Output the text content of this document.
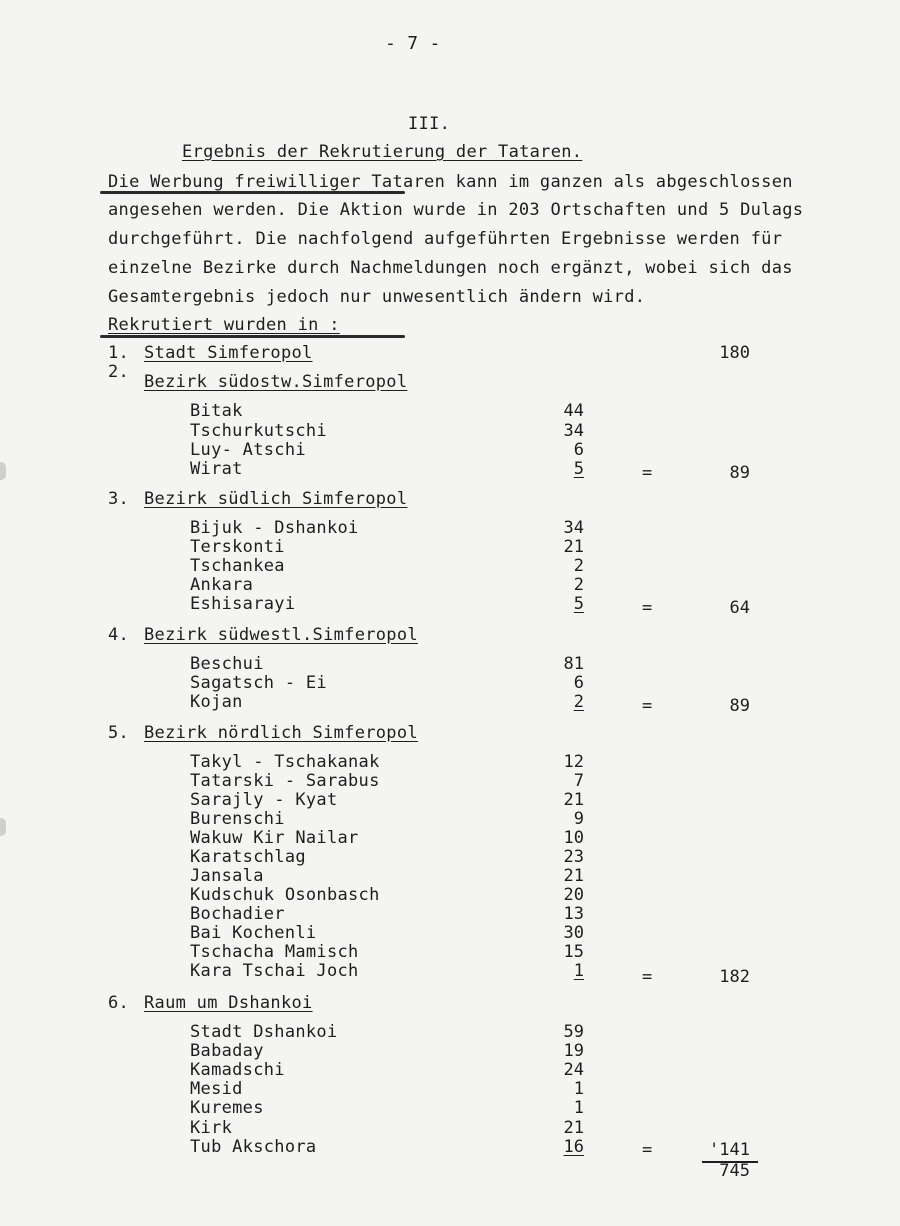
- 7 -
III.
Ergebnis der Rekrutierung der Tataren.
Die Werbung freiwilliger Tataren kann im ganzen als abgeschlossen
angesehen werden. Die Aktion wurde in 203 Ortschaften und 5 Dulags
durchgeführt. Die nachfolgend aufgeführten Ergebnisse werden für
einzelne Bezirke durch Nachmeldungen noch ergänzt, wobei sich das
Gesamtergebnis jedoch nur unwesentlich ändern wird.
Rekrutiert wurden in :
1. Stadt Simferopol	180
2. Bezirk südostw.Simferopol
Bitak	44
Tschurkutschi	34
Luy- Atschi	6
Wirat	5	=	89
3. Bezirk südlich Simferopol
Bijuk - Dshankoi	34
Terskonti	21
Tschankea	2
Ankara	2
Eshisarayi	5	=	64
4. Bezirk südwestl.Simferopol
Beschui	81
Sagatsch - Ei	6
Kojan	2	=	89
5. Bezirk nördlich Simferopol
Takyl - Tschakanak	12
Tatarski - Sarabus	7
Sarajly - Kyat	21
Burenschi	9
Wakuw Kir Nailar	10
Karatschlag	23
Jansala	21
Kudschuk Osonbasch	20
Bochadier	13
Bai Kochenli	30
Tschacha Mamisch	15
Kara Tschai Joch	1	=	182
6. Raum um Dshankoi
Stadt Dshankoi	59
Babaday	19
Kamadschi	24
Mesid	1
Kuremes	1
Kirk	21
Tub Akschora	16	=	'141
745
